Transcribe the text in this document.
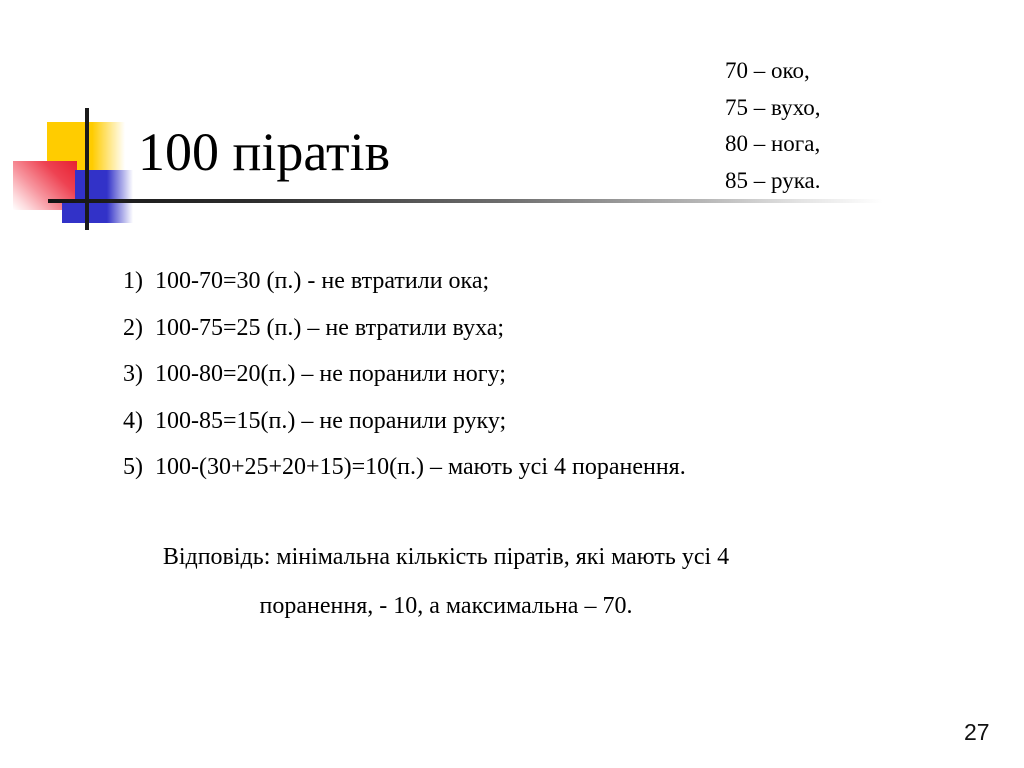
100 піратів
70 – око,
75 – вухо,
80 – нога,
85 – рука.
1) 100-70=30 (п.) - не втратили ока;
2) 100-75=25 (п.) – не втратили вуха;
3) 100-80=20(п.) – не поранили ногу;
4) 100-85=15(п.) – не поранили руку;
5) 100-(30+25+20+15)=10(п.) – мають усі 4 поранення.
Відповідь: мінімальна кількість піратів, які мають усі 4
поранення, - 10, а максимальна – 70.
27
